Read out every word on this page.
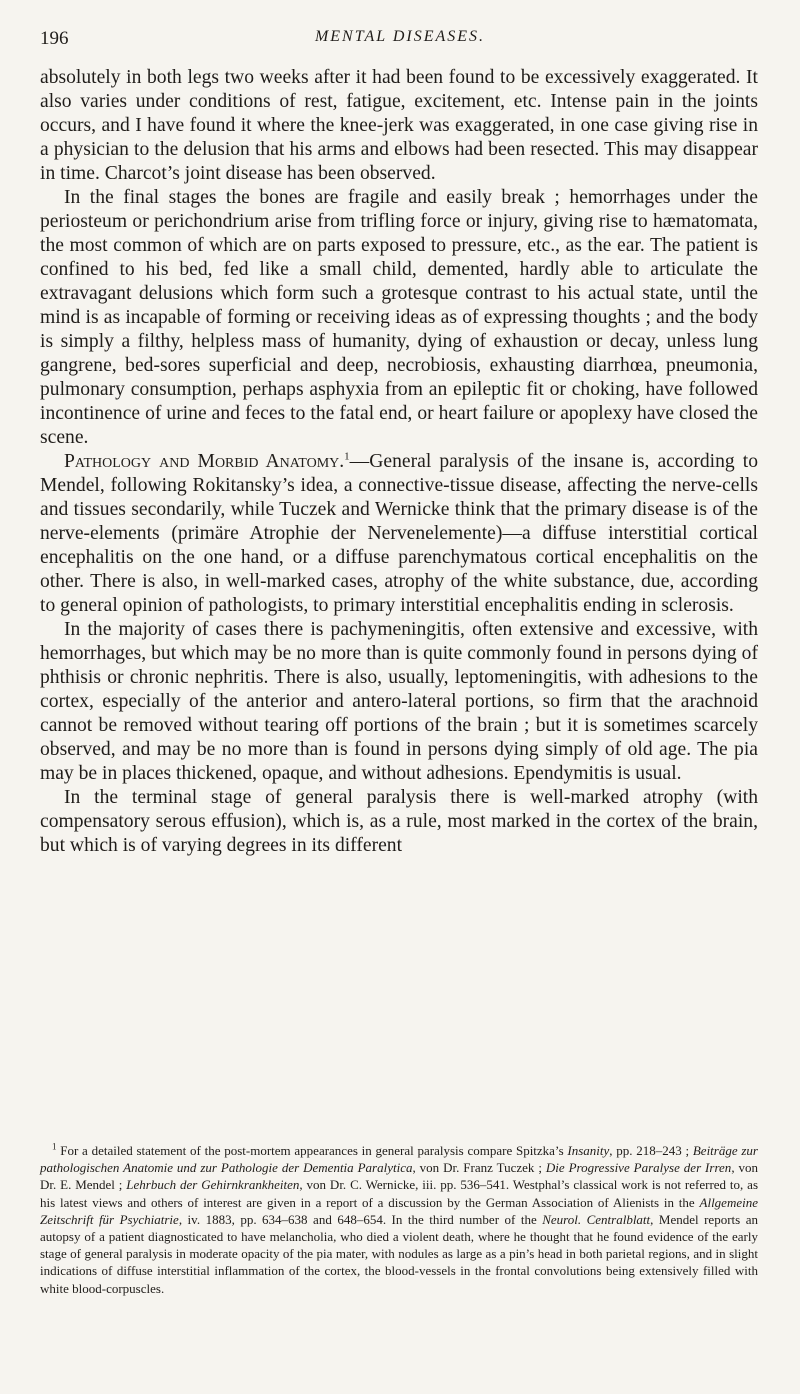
196	MENTAL DISEASES.

absolutely in both legs two weeks after it had been found to be excessively exaggerated. It also varies under conditions of rest, fatigue, excitement, etc. Intense pain in the joints occurs, and I have found it where the knee-jerk was exaggerated, in one case giving rise in a physician to the delusion that his arms and elbows had been resected. This may disappear in time. Charcot’s joint disease has been observed.

In the final stages the bones are fragile and easily break ; hemorrhages under the periosteum or perichondrium arise from trifling force or injury, giving rise to hæmatomata, the most common of which are on parts exposed to pressure, etc., as the ear. The patient is confined to his bed, fed like a small child, demented, hardly able to articulate the extravagant delusions which form such a grotesque contrast to his actual state, until the mind is as incapable of forming or receiving ideas as of expressing thoughts ; and the body is simply a filthy, helpless mass of humanity, dying of exhaustion or decay, unless lung gangrene, bed-sores superficial and deep, necrobiosis, exhausting diarrhœa, pneumonia, pulmonary consumption, perhaps asphyxia from an epileptic fit or choking, have followed incontinence of urine and feces to the fatal end, or heart failure or apoplexy have closed the scene.

Pathology and Morbid Anatomy.$^1$—General paralysis of the insane is, according to Mendel, following Rokitansky’s idea, a connective-tissue disease, affecting the nerve-cells and tissues secondarily, while Tuczek and Wernicke think that the primary disease is of the nerve-elements (primäre Atrophie der Nervenelemente)—a diffuse interstitial cortical encephalitis on the one hand, or a diffuse parenchymatous cortical encephalitis on the other. There is also, in well-marked cases, atrophy of the white substance, due, according to general opinion of pathologists, to primary interstitial encephalitis ending in sclerosis.

In the majority of cases there is pachymeningitis, often extensive and excessive, with hemorrhages, but which may be no more than is quite commonly found in persons dying of phthisis or chronic nephritis. There is also, usually, leptomeningitis, with adhesions to the cortex, especially of the anterior and antero-lateral portions, so firm that the arachnoid cannot be removed without tearing off portions of the brain ; but it is sometimes scarcely observed, and may be no more than is found in persons dying simply of old age. The pia may be in places thickened, opaque, and without adhesions. Ependymitis is usual.

In the terminal stage of general paralysis there is well-marked atrophy (with compensatory serous effusion), which is, as a rule, most marked in the cortex of the brain, but which is of varying degrees in its different

$^1$ For a detailed statement of the post-mortem appearances in general paralysis compare Spitzka’s Insanity, pp. 218–243 ; Beiträge zur pathologischen Anatomie und zur Pathologie der Dementia Paralytica, von Dr. Franz Tuczek ; Die Progressive Paralyse der Irren, von Dr. E. Mendel ; Lehrbuch der Gehirnkrankheiten, von Dr. C. Wernicke, iii. pp. 536–541. Westphal’s classical work is not referred to, as his latest views and others of interest are given in a report of a discussion by the German Association of Alienists in the Allgemeine Zeitschrift für Psychiatrie, iv. 1883, pp. 634–638 and 648–654. In the third number of the Neurol. Centralblatt, Mendel reports an autopsy of a patient diagnosticated to have melancholia, who died a violent death, where he thought that he found evidence of the early stage of general paralysis in moderate opacity of the pia mater, with nodules as large as a pin’s head in both parietal regions, and in slight indications of diffuse interstitial inflammation of the cortex, the blood-vessels in the frontal convolutions being extensively filled with white blood-corpuscles.
